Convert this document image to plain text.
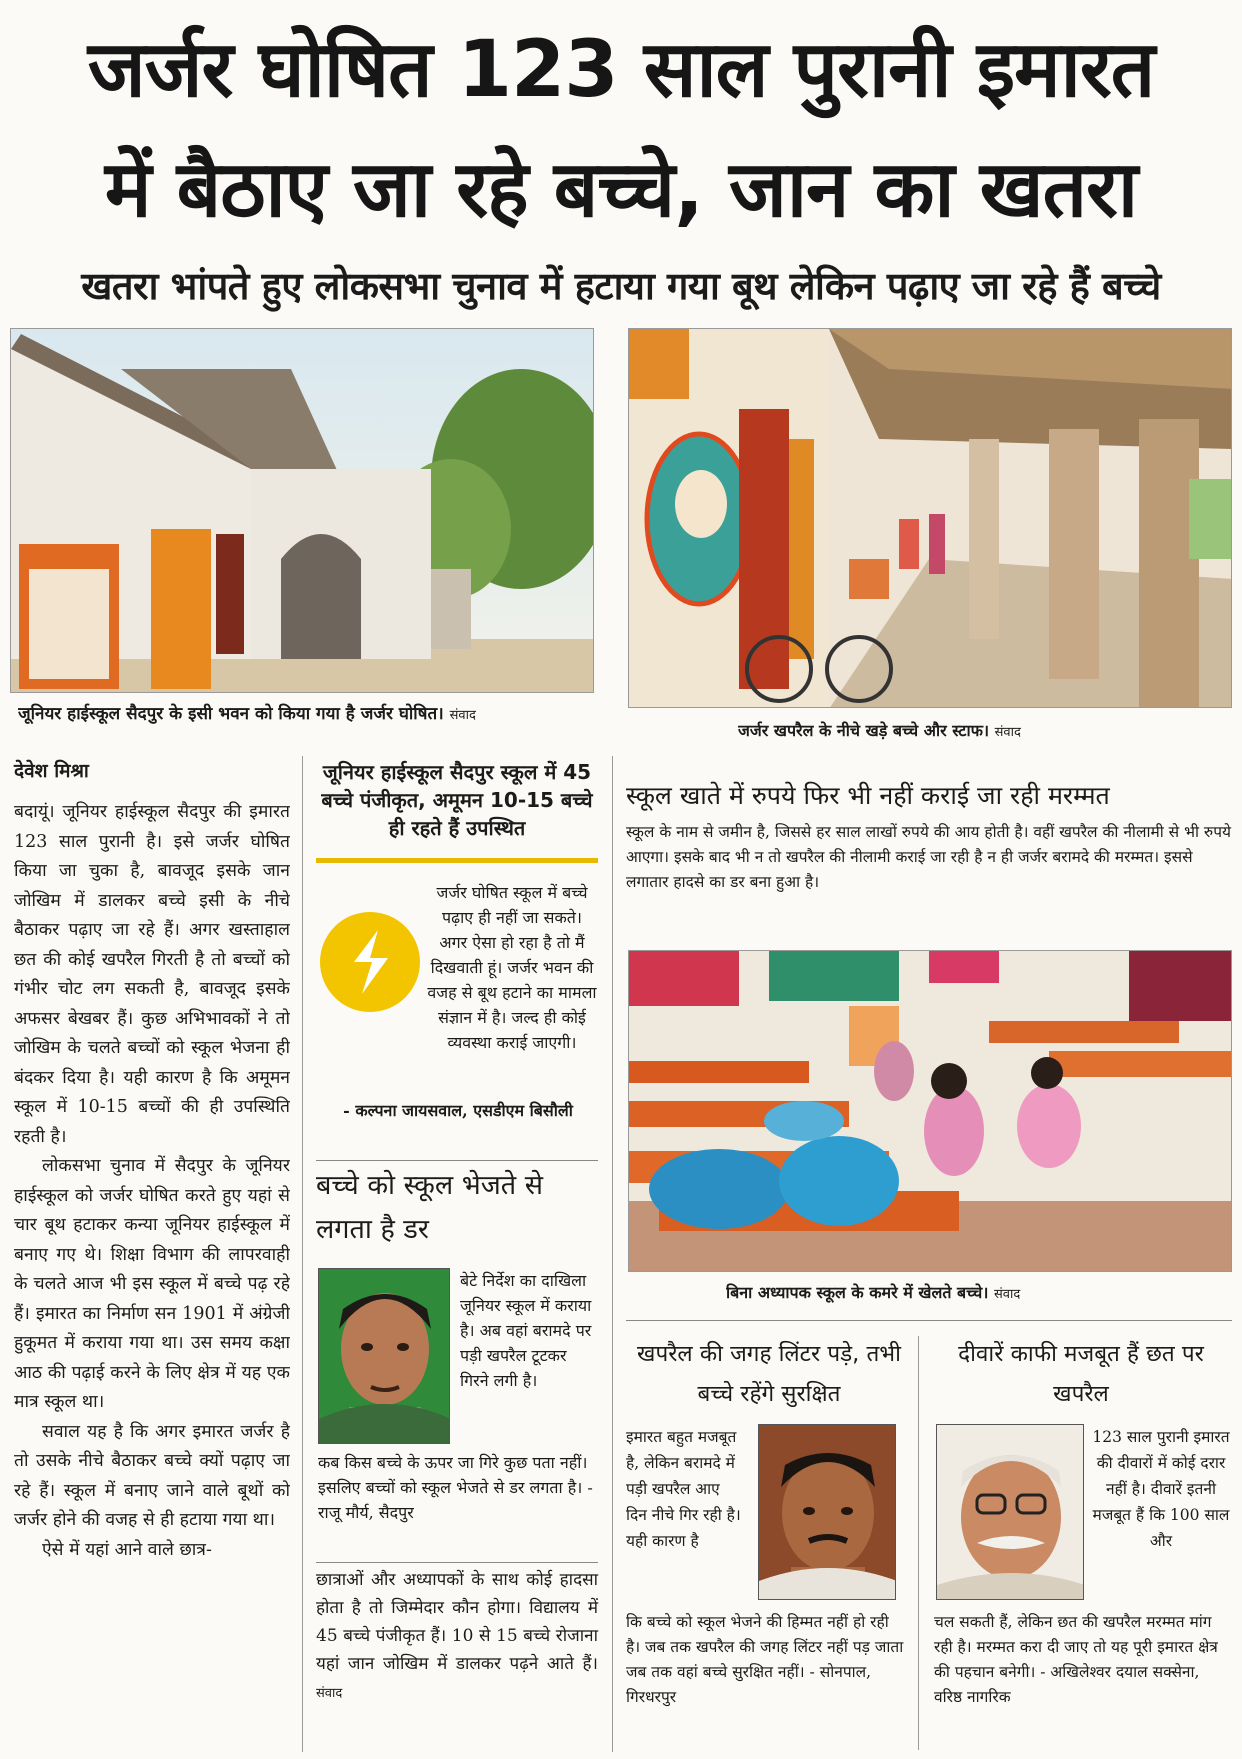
जर्जर घोषित 123 साल पुरानी इमारत
में बैठाए जा रहे बच्चे, जान का खतरा
खतरा भांपते हुए लोकसभा चुनाव में हटाया गया बूथ लेकिन पढ़ाए जा रहे हैं बच्चे
जूनियर हाईस्कूल सैदपुर के इसी भवन को किया गया है जर्जर घोषित। संवाद
जर्जर खपरैल के नीचे खड़े बच्चे और स्टाफ। संवाद
देवेश मिश्रा

बदायूं। जूनियर हाईस्कूल सैदपुर की इमारत 123 साल पुरानी है। इसे जर्जर घोषित किया जा चुका है, बावजूद इसके जान जोखिम में डालकर बच्चे इसी के नीचे बैठाकर पढ़ाए जा रहे हैं। अगर खस्ताहाल छत की कोई खपरैल गिरती है तो बच्चों को गंभीर चोट लग सकती है, बावजूद इसके अफसर बेखबर हैं। कुछ अभिभावकों ने तो जोखिम के चलते बच्चों को स्कूल भेजना ही बंदकर दिया है। यही कारण है कि अमूमन स्कूल में 10-15 बच्चों की ही उपस्थिति रहती है।

लोकसभा चुनाव में सैदपुर के जूनियर हाईस्कूल को जर्जर घोषित करते हुए यहां से चार बूथ हटाकर कन्या जूनियर हाईस्कूल में बनाए गए थे। शिक्षा विभाग की लापरवाही के चलते आज भी इस स्कूल में बच्चे पढ़ रहे हैं। इमारत का निर्माण सन 1901 में अंग्रेजी हुकूमत में कराया गया था। उस समय कक्षा आठ की पढ़ाई करने के लिए क्षेत्र में यह एक मात्र स्कूल था।

सवाल यह है कि अगर इमारत जर्जर है तो उसके नीचे बैठाकर बच्चे क्यों पढ़ाए जा रहे हैं। स्कूल में बनाए जाने वाले बूथों को जर्जर होने की वजह से ही हटाया गया था।

ऐसे में यहां आने वाले छात्र-

जूनियर हाईस्कूल सैदपुर स्कूल में 45 बच्चे पंजीकृत, अमूमन 10-15 बच्चे ही रहते हैं उपस्थित
जर्जर घोषित स्कूल में बच्चे पढ़ाए ही नहीं जा सकते। अगर ऐसा हो रहा है तो मैं दिखवाती हूं। जर्जर भवन की वजह से बूथ हटाने का मामला संज्ञान में है। जल्द ही कोई व्यवस्था कराई जाएगी।
- कल्पना जायसवाल, एसडीएम बिसौली
बच्चे को स्कूल भेजते से लगता है डर
बेटे निर्देश का दाखिला जूनियर स्कूल में कराया है। अब वहां बरामदे पर पड़ी खपरैल टूटकर गिरने लगी है।
कब किस बच्चे के ऊपर जा गिरे कुछ पता नहीं। इसलिए बच्चों को स्कूल भेजते से डर लगता है। - राजू मौर्य, सैदपुर
छात्राओं और अध्यापकों के साथ कोई हादसा होता है तो जिम्मेदार कौन होगा। विद्यालय में 45 बच्चे पंजीकृत हैं। 10 से 15 बच्चे रोजाना यहां जान जोखिम में डालकर पढ़ने आते हैं। संवाद
स्कूल खाते में रुपये फिर भी नहीं कराई जा रही मरम्मत
स्कूल के नाम से जमीन है, जिससे हर साल लाखों रुपये की आय होती है। वहीं खपरैल की नीलामी से भी रुपये आएगा। इसके बाद भी न तो खपरैल की नीलामी कराई जा रही है न ही जर्जर बरामदे की मरम्मत। इससे लगातार हादसे का डर बना हुआ है।
बिना अध्यापक स्कूल के कमरे में खेलते बच्चे। संवाद
खपरैल की जगह लिंटर पड़े, तभी बच्चे रहेंगे सुरक्षित
इमारत बहुत मजबूत है, लेकिन बरामदे में पड़ी खपरैल आए दिन नीचे गिर रही है। यही कारण है
कि बच्चे को स्कूल भेजने की हिम्मत नहीं हो रही है। जब तक खपरैल की जगह लिंटर नहीं पड़ जाता जब तक वहां बच्चे सुरक्षित नहीं। - सोनपाल, गिरधरपुर
दीवारें काफी मजबूत हैं छत पर खपरैल
123 साल पुरानी इमारत की दीवारों में कोई दरार नहीं है। दीवारें इतनी मजबूत हैं कि 100 साल और
चल सकती हैं, लेकिन छत की खपरैल मरम्मत मांग रही है। मरम्मत करा दी जाए तो यह पूरी इमारत क्षेत्र की पहचान बनेगी। - अखिलेश्वर दयाल सक्सेना, वरिष्ठ नागरिक
